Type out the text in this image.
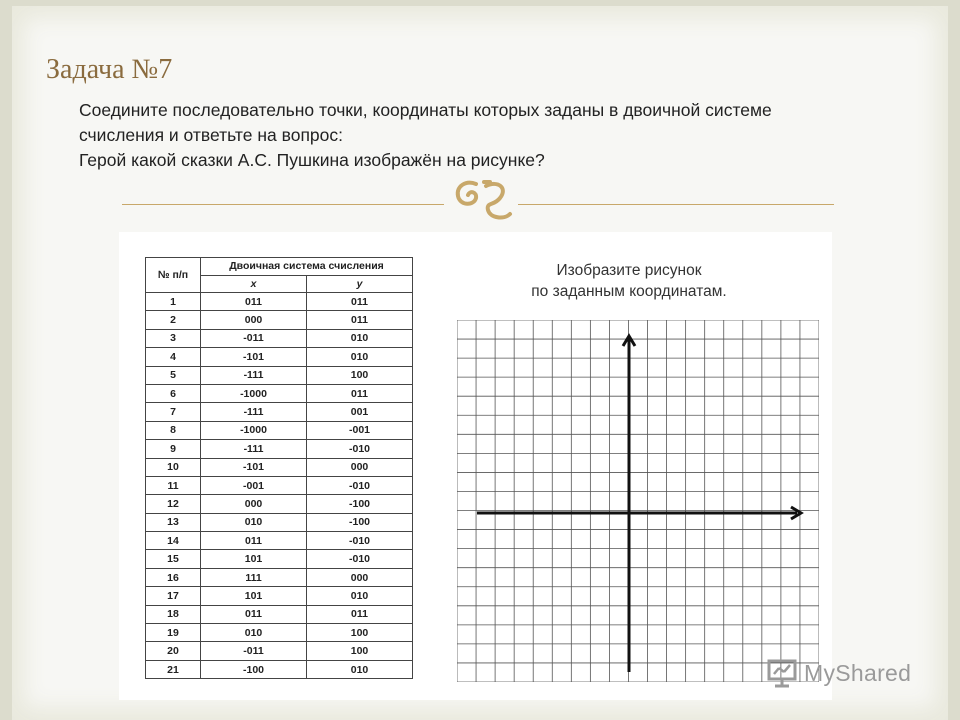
Задача №7
Соедините последовательно точки, координаты которых заданы в двоичной системе
счисления и ответьте на вопрос:
Герой какой сказки А.С. Пушкина изображён на рисунке?
№ п/п	Двоичная система счисления	
	x	y
1	011	011
2	000	011
3	-011	010
4	-101	010
5	-111	100
6	-1000	011
7	-111	001
8	-1000	-001
9	-111	-010
10	-101	000
11	-001	-010
12	000	-100
13	010	-100
14	011	-010
15	101	-010
16	111	000
17	101	010
18	011	011
19	010	100
20	-011	100
21	-100	010
Изобразите рисунок
по заданным координатам.
MyShared
